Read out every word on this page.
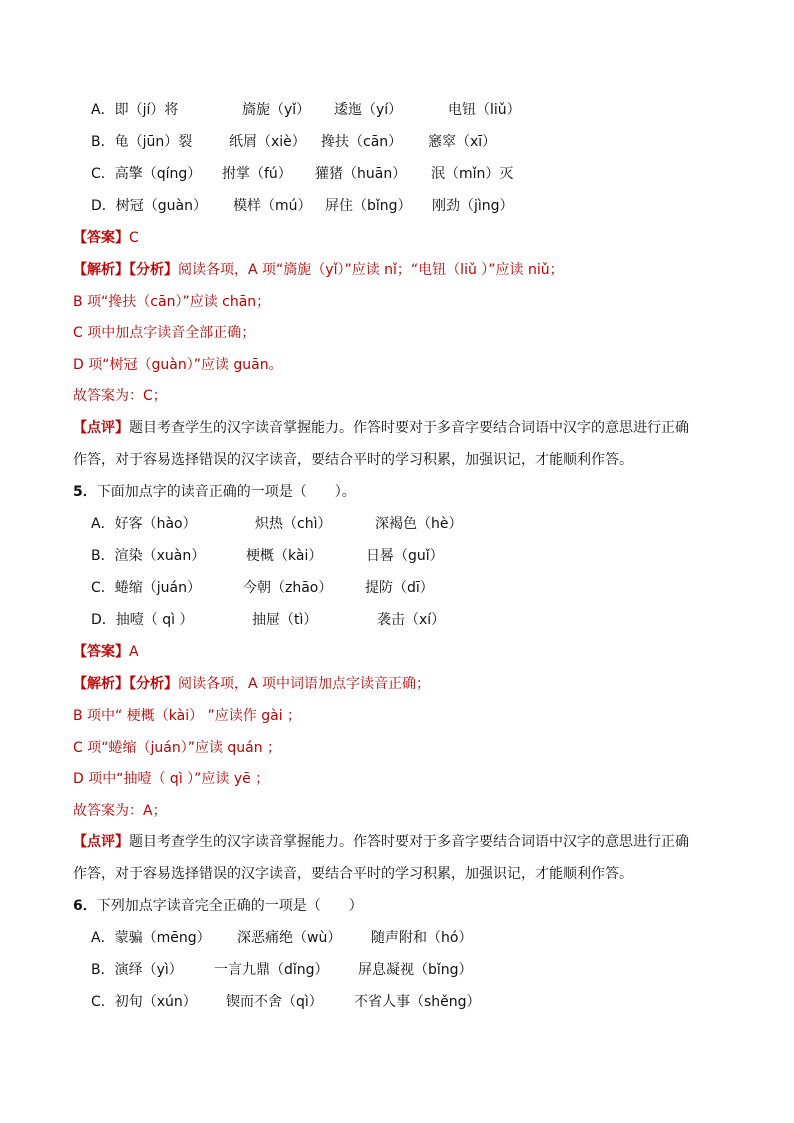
A．即（jí）将	旖旎（yǐ） 逶迤（yí）	电钮（liǔ）
B．龟（jūn）裂	纸屑（xiè） 搀扶（cān） 窸窣（xī）
C．高擎（qíng） 拊掌（fú） 獾猪（huān） 泯（mǐn）灭
D．树冠（guàn） 模样（mú） 屏住（bǐng） 刚劲（jìng）
【答案】C
【解析】【分析】阅读各项，A 项“旖旎（yǐ）”应读 nǐ；“电钮（liǔ ）”应读 niǔ；
B 项“搀扶（cān）”应读 chān；
C 项中加点字读音全部正确；
D 项“树冠（guàn）”应读 guān。
故答案为：C；
【点评】题目考查学生的汉字读音掌握能力。作答时要对于多音字要结合词语中汉字的意思进行正确
作答，对于容易选择错误的汉字读音，要结合平时的学习积累，加强识记，才能顺利作答。
5．下面加点字的读音正确的一项是（　　）。
A．好客（hào）	炽热（chì）	深褐色（hè）
B．渲染（xuàn）	梗概（kài）	日晷（guǐ）
C．蜷缩（juán）	今朝（zhāo） 提防（dī）
D．抽噎（ qì ）	抽屉（tì）	袭击（xí）
【答案】A
【解析】【分析】阅读各项，A 项中词语加点字读音正确；
B 项中“ 梗概（kài） ”应读作 gài ；
C 项“蜷缩（juán）”应读 quán ；
D 项中“抽噎（ qì ）”应读 yē ；
故答案为：A；
【点评】题目考查学生的汉字读音掌握能力。作答时要对于多音字要结合词语中汉字的意思进行正确
作答，对于容易选择错误的汉字读音，要结合平时的学习积累，加强识记，才能顺利作答。
6．下列加点字读音完全正确的一项是（　　）
A．蒙骗（mēng） 深恶痛绝（wù） 随声附和（hó）
B．演绎（yì） 一言九鼎（dǐng） 屏息凝视（bǐng）
C．初旬（xún） 锲而不舍（qì） 不省人事（shěng）
